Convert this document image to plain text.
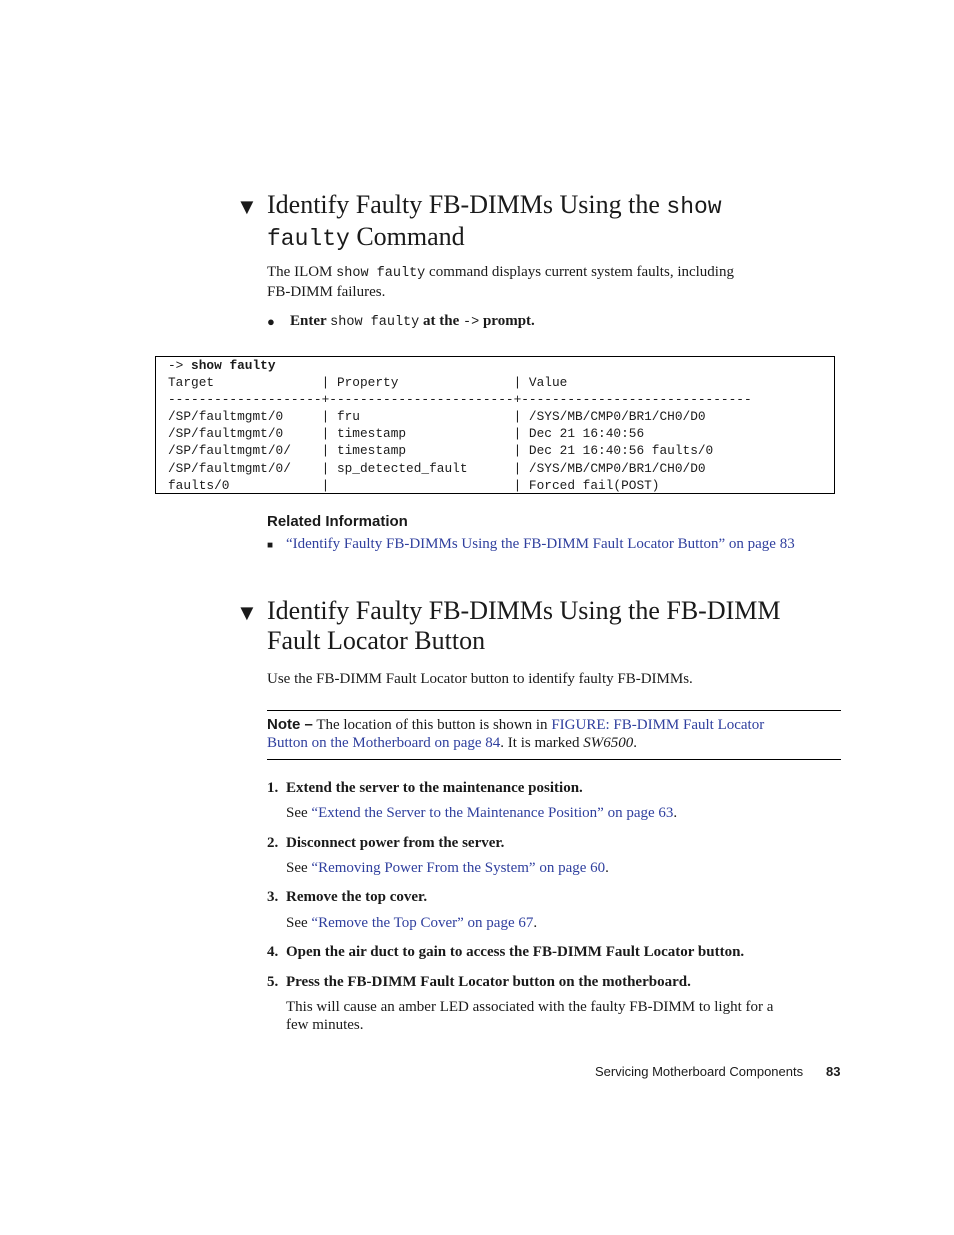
▼ Identify Faulty FB-DIMMs Using the show
faulty Command
The ILOM show faulty command displays current system faults, including
FB-DIMM failures.
● Enter show faulty at the -> prompt.
-> show faulty
Target              | Property               | Value
--------------------+------------------------+------------------------------
/SP/faultmgmt/0     | fru                    | /SYS/MB/CMP0/BR1/CH0/D0
/SP/faultmgmt/0     | timestamp              | Dec 21 16:40:56
/SP/faultmgmt/0/    | timestamp              | Dec 21 16:40:56 faults/0
/SP/faultmgmt/0/    | sp_detected_fault      | /SYS/MB/CMP0/BR1/CH0/D0
faults/0            |                        | Forced fail(POST)
Related Information
■ “Identify Faulty FB-DIMMs Using the FB-DIMM Fault Locator Button” on page 83
▼ Identify Faulty FB-DIMMs Using the FB-DIMM
Fault Locator Button
Use the FB-DIMM Fault Locator button to identify faulty FB-DIMMs.
Note – The location of this button is shown in FIGURE: FB-DIMM Fault Locator
Button on the Motherboard on page 84. It is marked SW6500.
1. Extend the server to the maintenance position.
See “Extend the Server to the Maintenance Position” on page 63.
2. Disconnect power from the server.
See “Removing Power From the System” on page 60.
3. Remove the top cover.
See “Remove the Top Cover” on page 67.
4. Open the air duct to gain to access the FB-DIMM Fault Locator button.
5. Press the FB-DIMM Fault Locator button on the motherboard.
This will cause an amber LED associated with the faulty FB-DIMM to light for a
few minutes.
Servicing Motherboard Components 83
